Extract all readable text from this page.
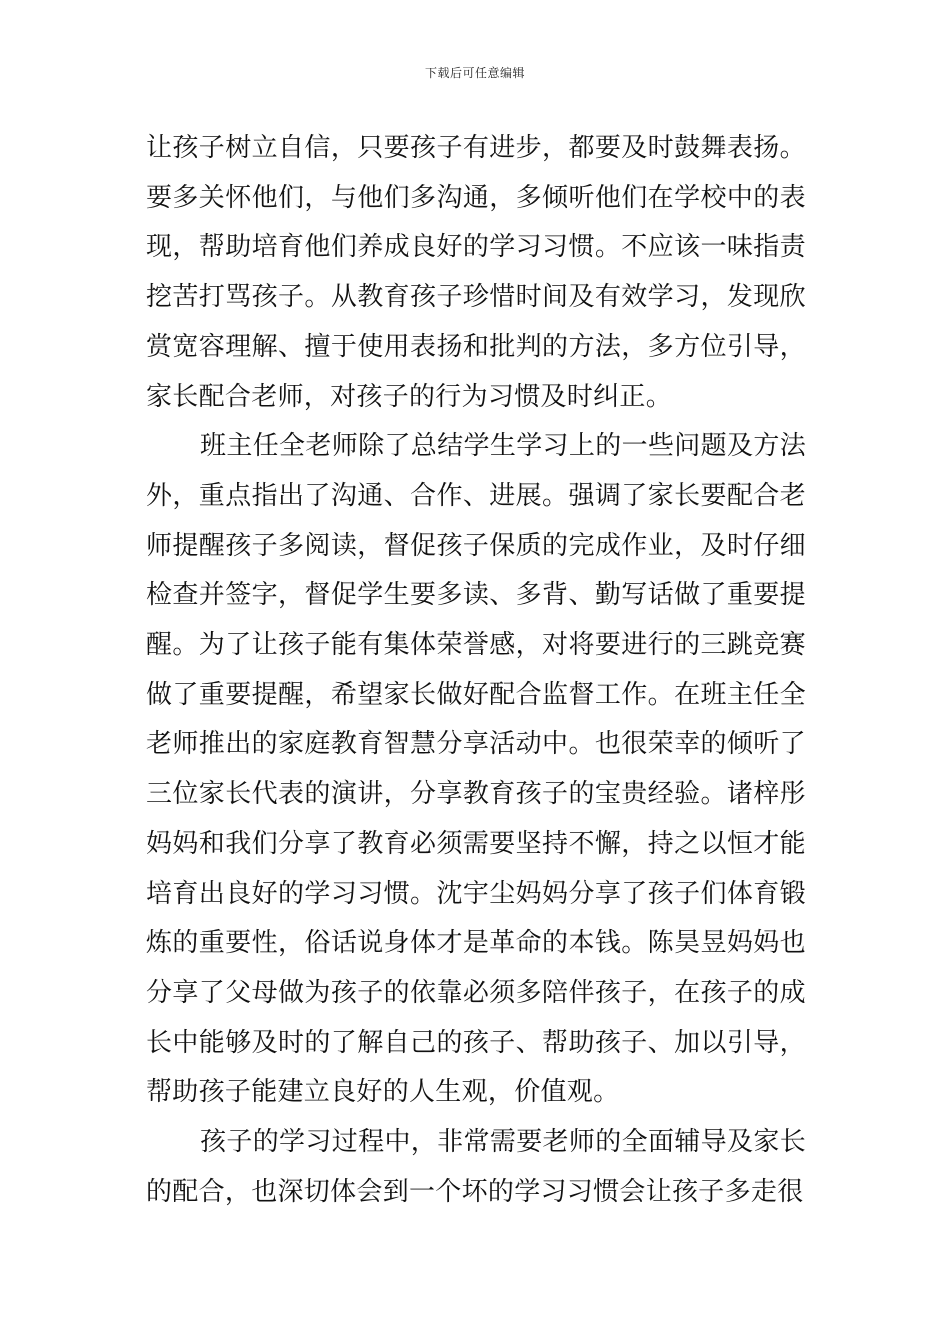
下载后可任意编辑

让孩子树立自信，只要孩子有进步，都要及时鼓舞表扬。要多关怀他们，与他们多沟通，多倾听他们在学校中的表现，帮助培育他们养成良好的学习习惯。不应该一味指责挖苦打骂孩子。从教育孩子珍惜时间及有效学习，发现欣赏宽容理解、擅于使用表扬和批判的方法，多方位引导，家长配合老师，对孩子的行为习惯及时纠正。

班主任全老师除了总结学生学习上的一些问题及方法外，重点指出了沟通、合作、进展。强调了家长要配合老师提醒孩子多阅读，督促孩子保质的完成作业，及时仔细检查并签字，督促学生要多读、多背、勤写话做了重要提醒。为了让孩子能有集体荣誉感，对将要进行的三跳竞赛做了重要提醒，希望家长做好配合监督工作。在班主任全老师推出的家庭教育智慧分享活动中。也很荣幸的倾听了三位家长代表的演讲，分享教育孩子的宝贵经验。诸梓彤妈妈和我们分享了教育必须需要坚持不懈，持之以恒才能培育出良好的学习习惯。沈宇尘妈妈分享了孩子们体育锻炼的重要性，俗话说身体才是革命的本钱。陈昊昱妈妈也分享了父母做为孩子的依靠必须多陪伴孩子，在孩子的成长中能够及时的了解自己的孩子、帮助孩子、加以引导，帮助孩子能建立良好的人生观，价值观。

孩子的学习过程中，非常需要老师的全面辅导及家长的配合，也深切体会到一个坏的学习习惯会让孩子多走很
